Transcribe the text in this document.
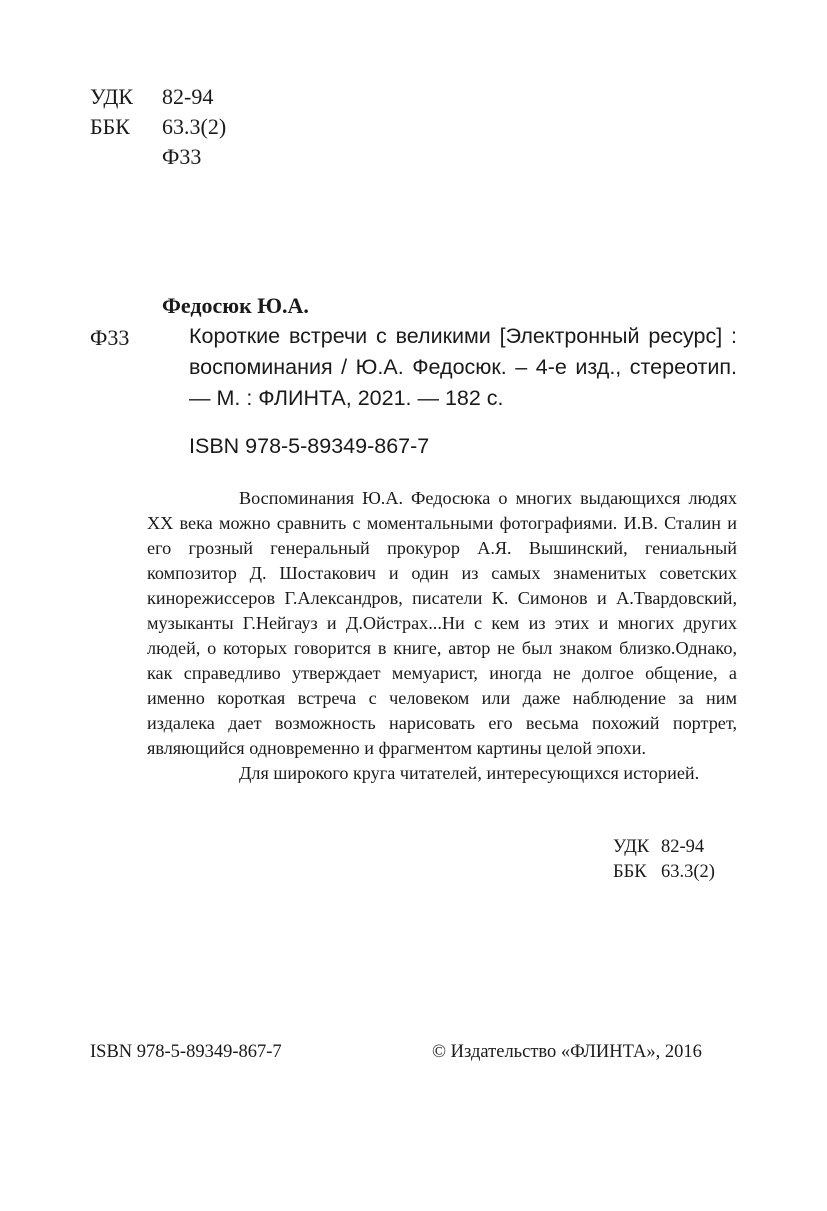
УДК 82-94
ББК 63.3(2)
Ф33
Федосюк Ю.А.
Ф33	Короткие встречи с великими [Электронный ресурс] : воспоминания / Ю.А. Федосюк. – 4-е изд., стереотип. — М. : ФЛИНТА, 2021. — 182 с.
ISBN 978-5-89349-867-7

Воспоминания Ю.А. Федосюка о многих выдающихся людях XX века можно сравнить с моментальными фотографиями. И.В. Сталин и его грозный генеральный прокурор А.Я. Вышинский, гениальный композитор Д. Шостакович и один из самых знаменитых советских кинорежиссеров Г.Александров, писатели К. Симонов и А.Твардовский, музыканты Г.Нейгауз и Д.Ойстрах...Ни с кем из этих и многих других людей, о которых говорится в книге, автор не был знаком близко.Однако, как справедливо утверждает мемуарист, иногда не долгое общение, а именно короткая встреча с человеком или даже наблюдение за ним издалека дает возможность нарисовать его весьма похожий портрет, являющийся одновременно и фрагментом картины целой эпохи.

Для широкого круга читателей, интересующихся историей.

УДК 82-94
ББК 63.3(2)
ISBN 978-5-89349-867-7	© Издательство «ФЛИНТА», 2016
